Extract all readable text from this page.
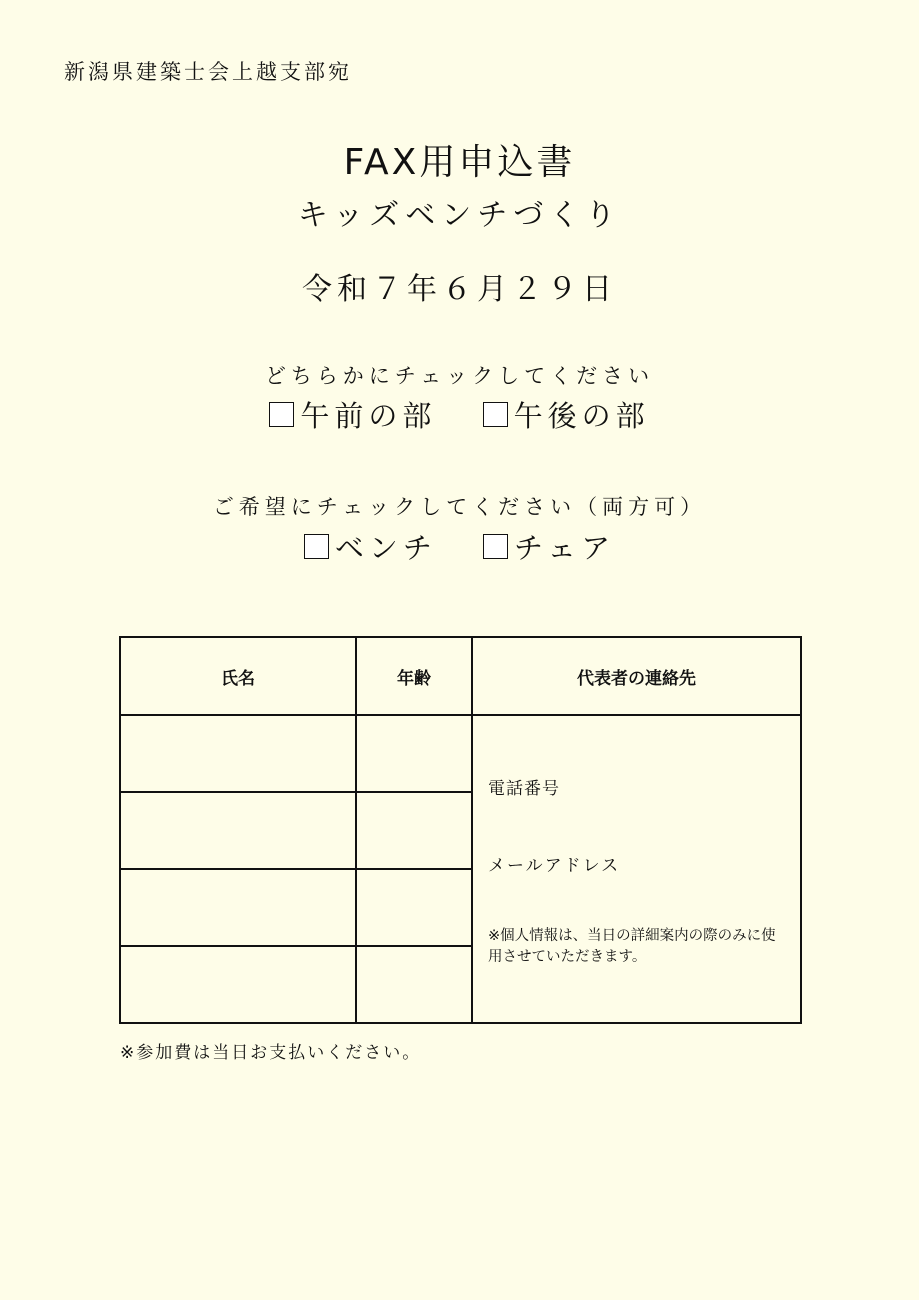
新潟県建築士会上越支部宛
FAX用申込書
キッズベンチづくり
令和７年６月２９日
どちらかにチェックしてください
午前の部
	午後の部
ご希望にチェックしてください（両方可）
ベンチ
	チェア
氏名	年齢	代表者の連絡先

		電話番号
メールアドレス
※個人情報は、当日の詳細案内の際のみに使用させていただきます。

※参加費は当日お支払いください。
